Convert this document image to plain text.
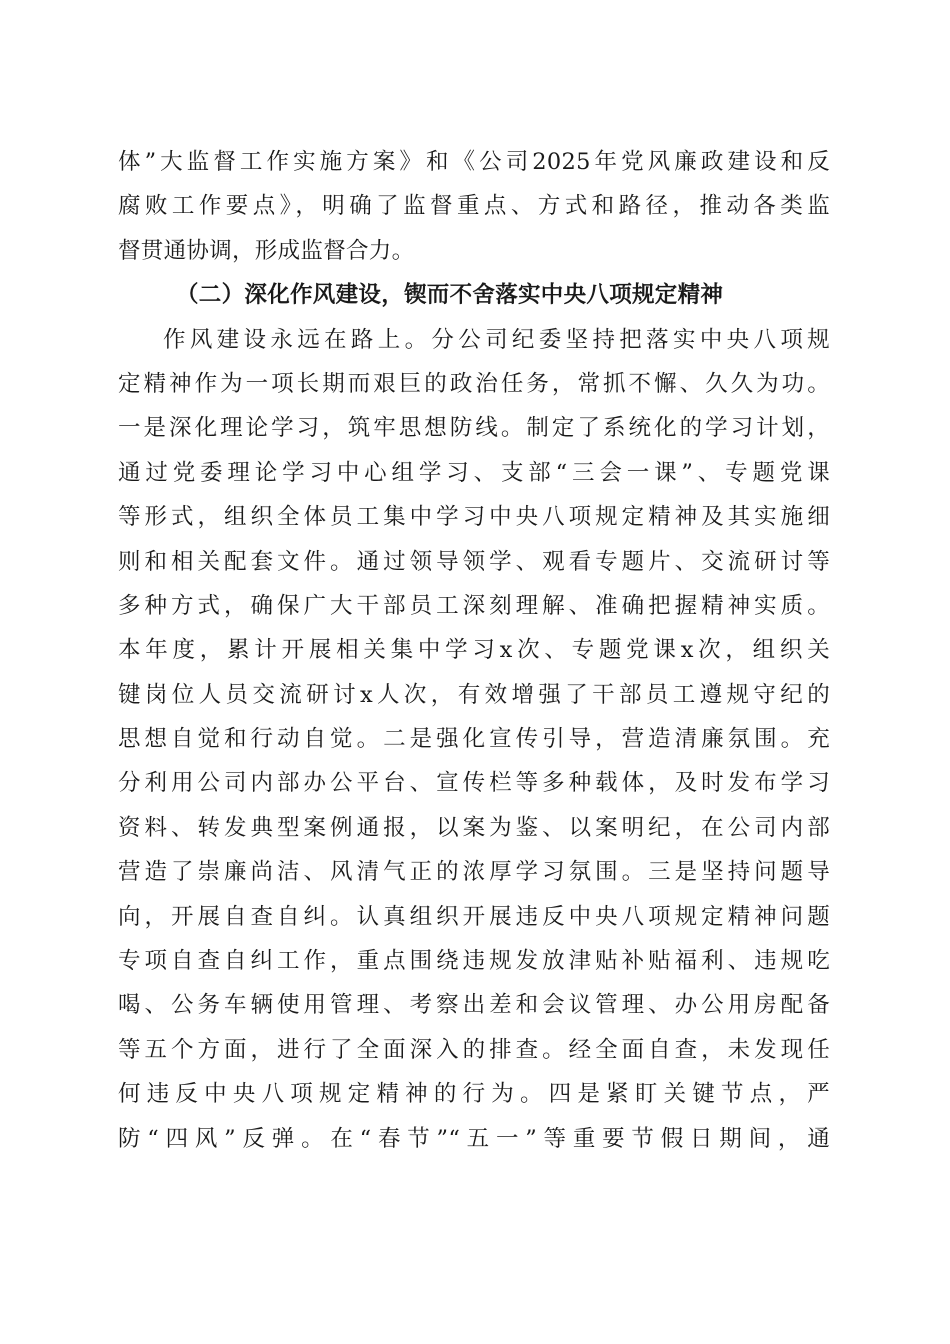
体”大监督工作实施方案》和《公司2025年党风廉政建设和反
腐败工作要点》，明确了监督重点、方式和路径，推动各类监
督贯通协调，形成监督合力。
（二）深化作风建设，锲而不舍落实中央八项规定精神
作风建设永远在路上。分公司纪委坚持把落实中央八项规
定精神作为一项长期而艰巨的政治任务，常抓不懈、久久为功。
一是深化理论学习，筑牢思想防线。制定了系统化的学习计划，
通过党委理论学习中心组学习、支部“三会一课”、专题党课
等形式，组织全体员工集中学习中央八项规定精神及其实施细
则和相关配套文件。通过领导领学、观看专题片、交流研讨等
多种方式，确保广大干部员工深刻理解、准确把握精神实质。
本年度，累计开展相关集中学习x次、专题党课x次，组织关
键岗位人员交流研讨x人次，有效增强了干部员工遵规守纪的
思想自觉和行动自觉。二是强化宣传引导，营造清廉氛围。充
分利用公司内部办公平台、宣传栏等多种载体，及时发布学习
资料、转发典型案例通报，以案为鉴、以案明纪，在公司内部
营造了崇廉尚洁、风清气正的浓厚学习氛围。三是坚持问题导
向，开展自查自纠。认真组织开展违反中央八项规定精神问题
专项自查自纠工作，重点围绕违规发放津贴补贴福利、违规吃
喝、公务车辆使用管理、考察出差和会议管理、办公用房配备
等五个方面，进行了全面深入的排查。经全面自查，未发现任
何违反中央八项规定精神的行为。四是紧盯关键节点，严
防“四风”反弹。在“春节”“五一”等重要节假日期间，通
